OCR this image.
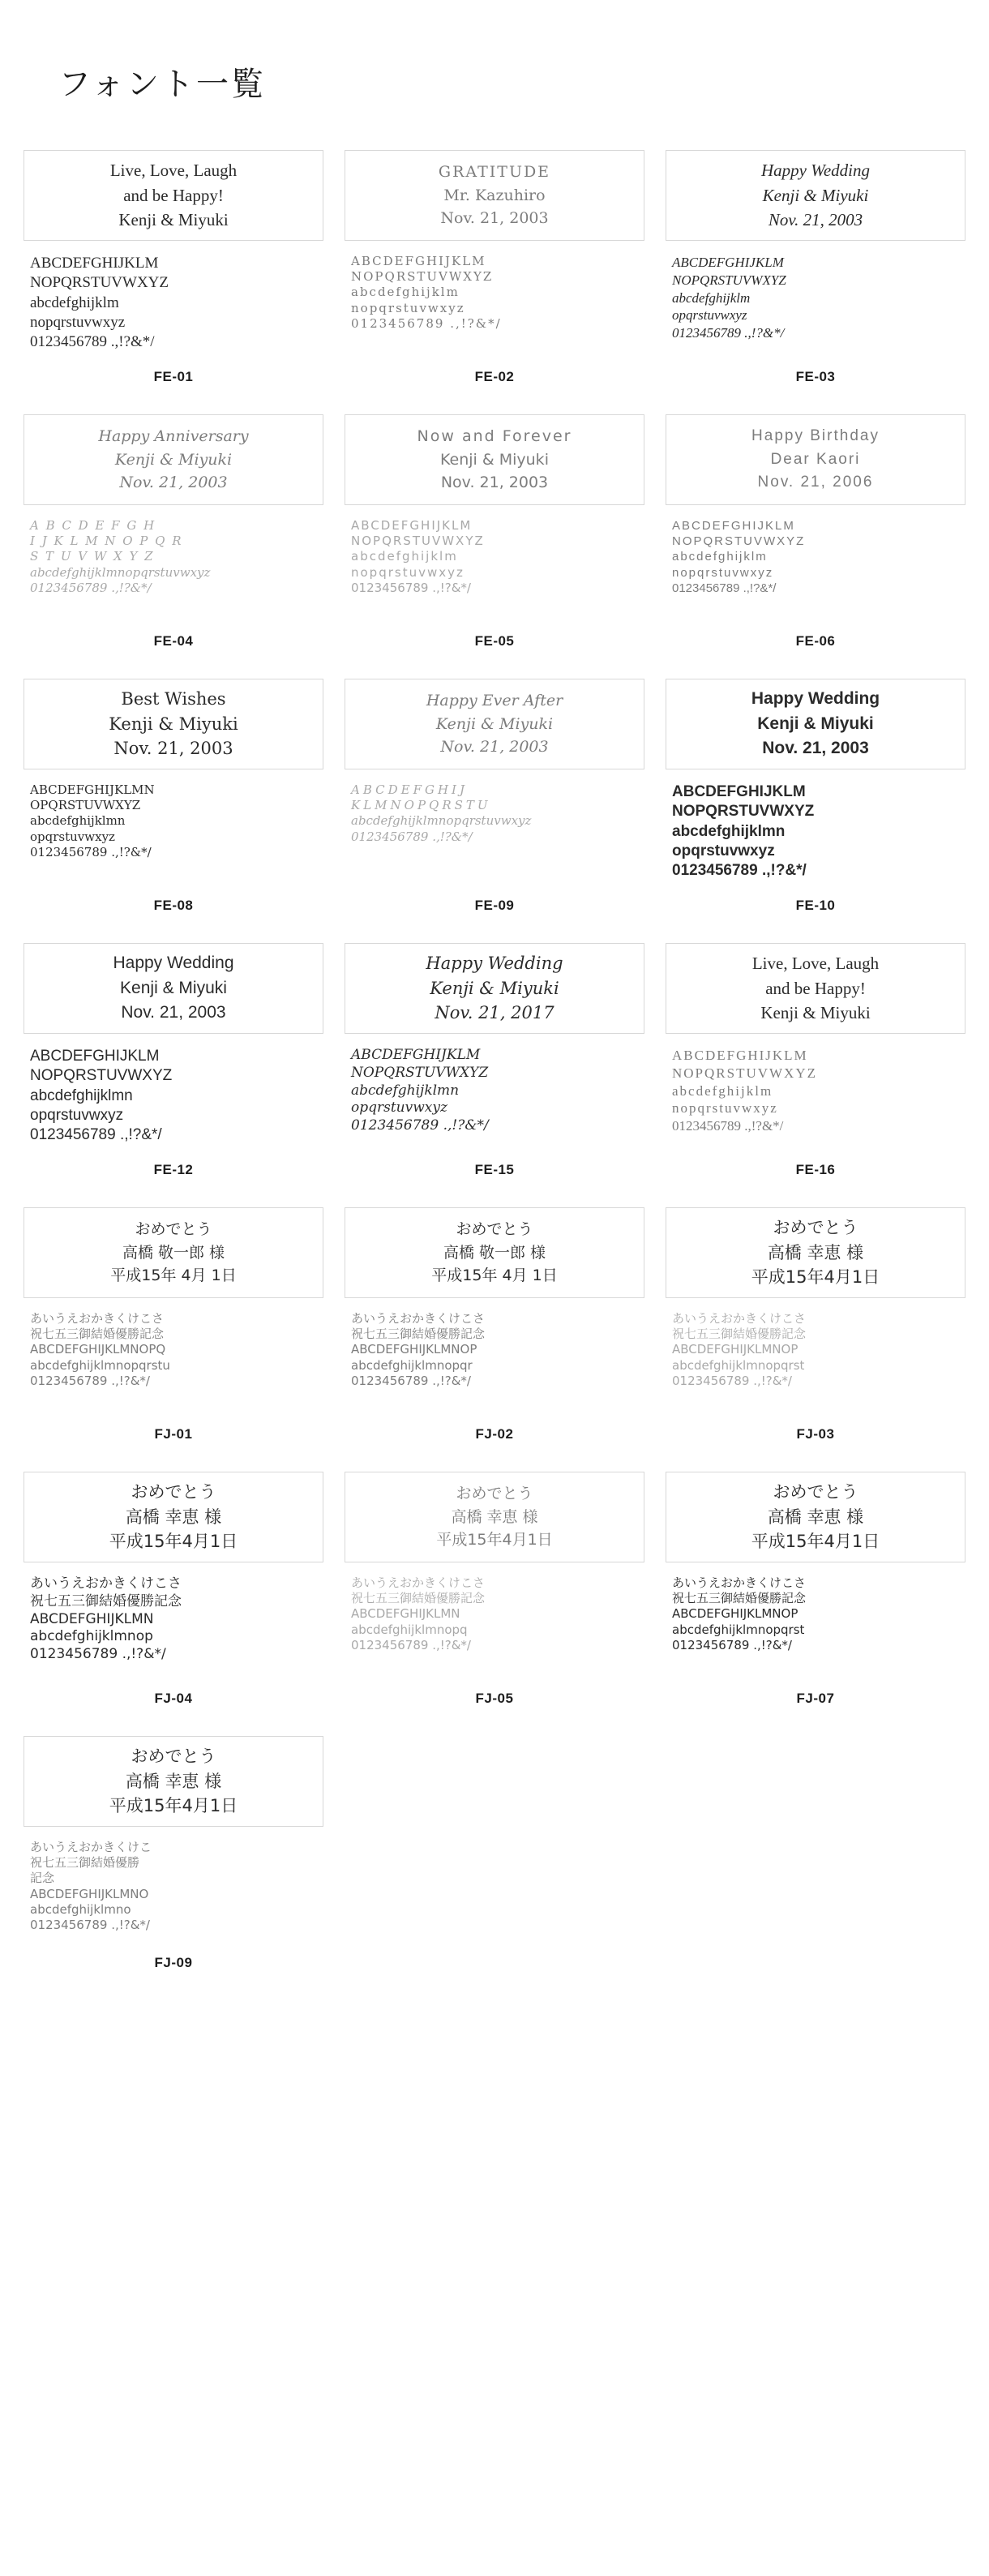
フォント一覧
Live, Love, Laugh
and be Happy!
Kenji & Miyuki
ABCDEFGHIJKLM
NOPQRSTUVWXYZ
abcdefghijklm
nopqrstuvwxyz
0123456789 .,!?&*/
FE-01
GRATITUDE
Mr. Kazuhiro
Nov. 21, 2003
ABCDEFGHIJKLM
NOPQRSTUVWXYZ
abcdefghijklm
nopqrstuvwxyz
0123456789 .,!?&*/
FE-02
Happy Wedding
Kenji & Miyuki
Nov. 21, 2003
ABCDEFGHIJKLM
NOPQRSTUVWXYZ
abcdefghijklm
opqrstuvwxyz
0123456789 .,!?&*/
FE-03
Happy Anniversary
Kenji & Miyuki
Nov. 21, 2003
A B C D E F G H
I J K L M N O P Q R
S T U V W X Y Z
abcdefghijklmnopqrstuvwxyz
0123456789 .,!?&*/
FE-04
Now and Forever
Kenji & Miyuki
Nov. 21, 2003
ABCDEFGHIJKLM
NOPQRSTUVWXYZ
abcdefghijklm
nopqrstuvwxyz
0123456789 .,!?&*/
FE-05
Happy Birthday
Dear Kaori
Nov. 21, 2006
ABCDEFGHIJKLM
NOPQRSTUVWXYZ
abcdefghijklm
nopqrstuvwxyz
0123456789 .,!?&*/
FE-06
Best Wishes
Kenji & Miyuki
Nov. 21, 2003
ABCDEFGHIJKLMN
OPQRSTUVWXYZ
abcdefghijklmn
opqrstuvwxyz
0123456789 .,!?&*/
FE-08
Happy Ever After
Kenji & Miyuki
Nov. 21, 2003
ABCDEFGHIJ
KLMNOPQRSTU
abcdefghijklmnopqrstuvwxyz
0123456789 .,!?&*/
FE-09
Happy Wedding
Kenji & Miyuki
Nov. 21, 2003
ABCDEFGHIJKLM
NOPQRSTUVWXYZ
abcdefghijklmn
opqrstuvwxyz
0123456789 .,!?&*/
FE-10
Happy Wedding
Kenji & Miyuki
Nov. 21, 2003
ABCDEFGHIJKLM
NOPQRSTUVWXYZ
abcdefghijklmn
opqrstuvwxyz
0123456789 .,!?&*/
FE-12
Happy Wedding
Kenji & Miyuki
Nov. 21, 2017
ABCDEFGHIJKLM
NOPQRSTUVWXYZ
abcdefghijklmn
opqrstuvwxyz
0123456789 .,!?&*/
FE-15
Live, Love, Laugh
and be Happy!
Kenji & Miyuki
ABCDEFGHIJKLM
NOPQRSTUVWXYZ
abcdefghijklm
nopqrstuvwxyz
0123456789 .,!?&*/
FE-16
おめでとう
高橋 敬一郎 様
平成15年 4月 1日
あいうえおかきくけこさ
祝七五三御結婚優勝記念
ABCDEFGHIJKLMNOPQ
abcdefghijklmnopqrstu
0123456789 .,!?&*/
FJ-01
おめでとう
高橋 敬一郎 様
平成15年 4月 1日
あいうえおかきくけこさ
祝七五三御結婚優勝記念
ABCDEFGHIJKLMNOP
abcdefghijklmnopqr
0123456789 .,!?&*/
FJ-02
おめでとう
高橋 幸恵 様
平成15年4月1日
あいうえおかきくけこさ
祝七五三御結婚優勝記念
ABCDEFGHIJKLMNOP
abcdefghijklmnopqrst
0123456789 .,!?&*/
FJ-03
おめでとう
高橋 幸恵 様
平成15年4月1日
あいうえおかきくけこさ
祝七五三御結婚優勝記念
ABCDEFGHIJKLMN
abcdefghijklmnop
0123456789 .,!?&*/
FJ-04
おめでとう
高橋 幸恵 様
平成15年4月1日
あいうえおかきくけこさ
祝七五三御結婚優勝記念
ABCDEFGHIJKLMN
abcdefghijklmnopq
0123456789 .,!?&*/
FJ-05
おめでとう
高橋 幸恵 様
平成15年4月1日
あいうえおかきくけこさ
祝七五三御結婚優勝記念
ABCDEFGHIJKLMNOP
abcdefghijklmnopqrst
0123456789 .,!?&*/
FJ-07
おめでとう
高橋 幸恵 様
平成15年4月1日
あいうえおかきくけこ
祝七五三御結婚優勝
記念
ABCDEFGHIJKLMNO
abcdefghijklmno
0123456789 .,!?&*/
FJ-09
